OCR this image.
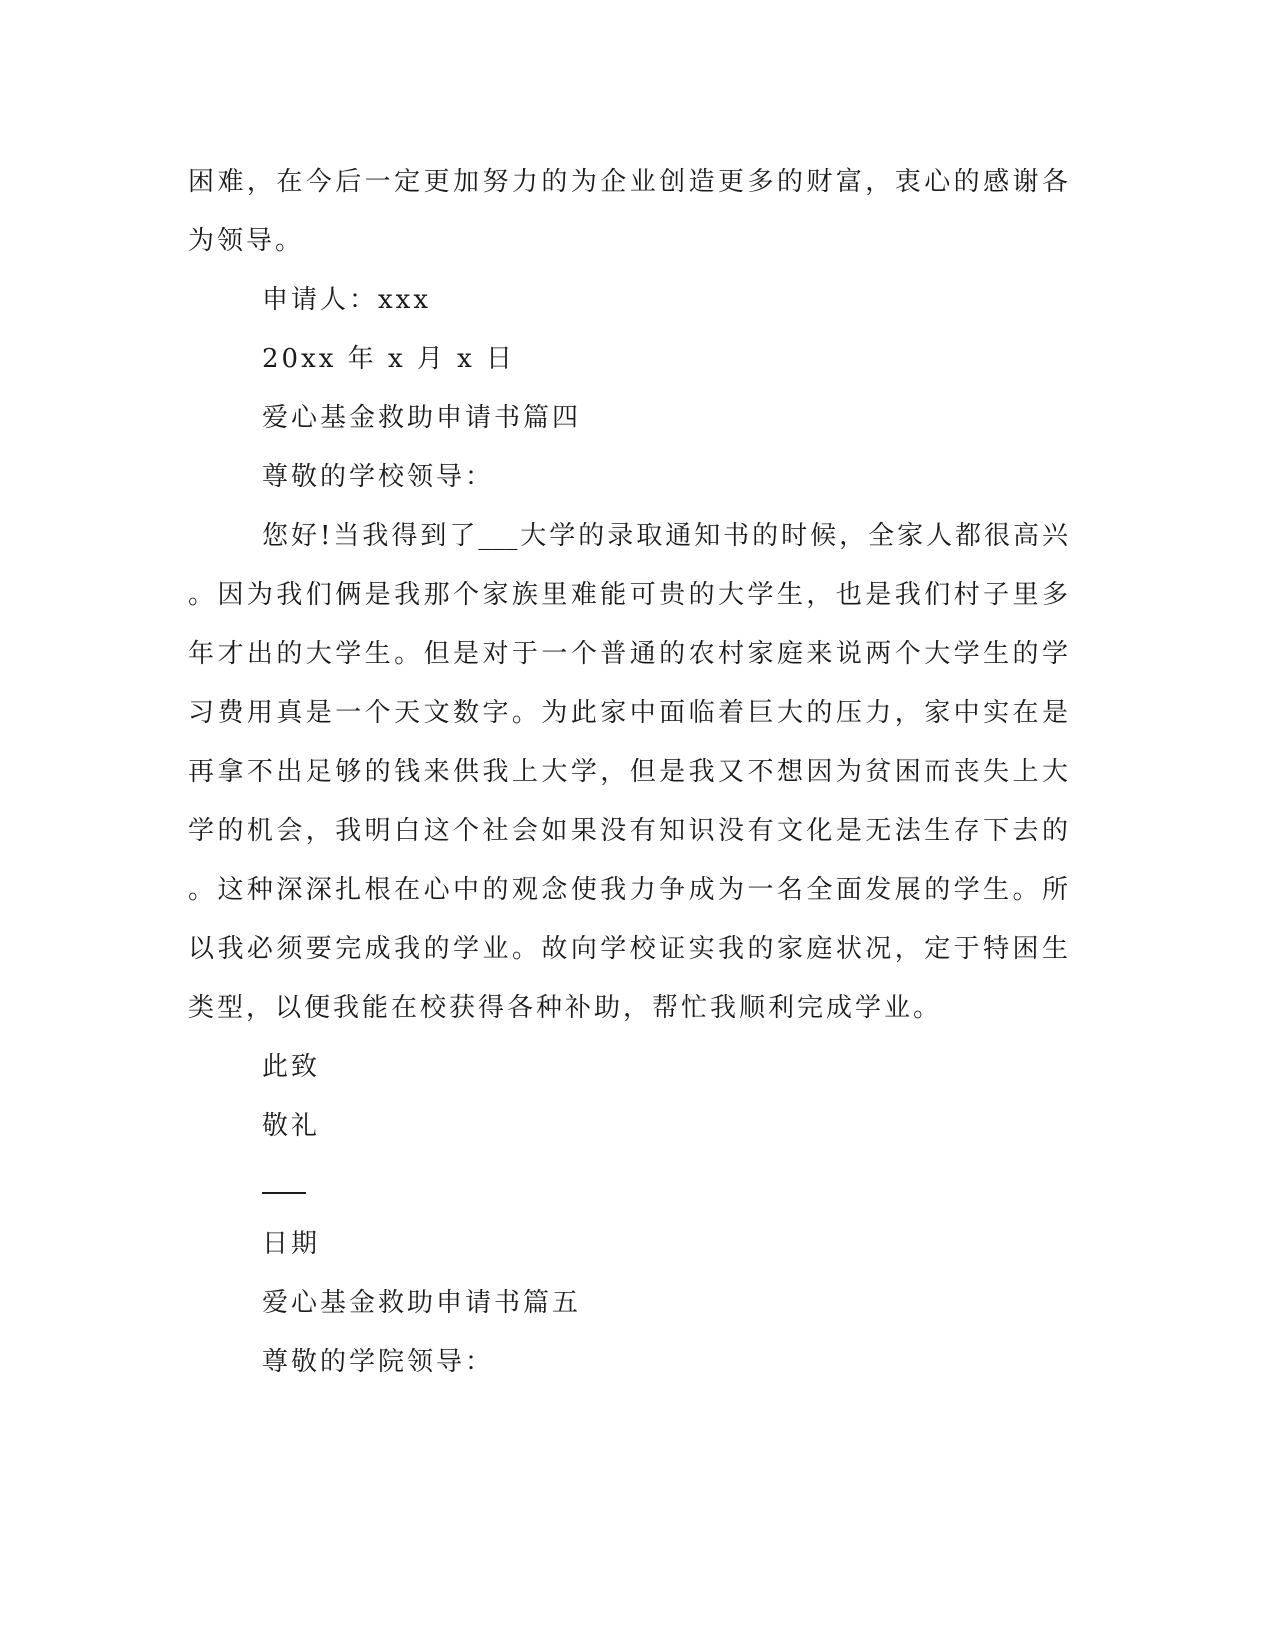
困难，在今后一定更加努力的为企业创造更多的财富，衷心的感谢各
为领导。
申请人：xxx
20xx 年 x 月 x 日
爱心基金救助申请书篇四
尊敬的学校领导：
您好!当我得到了___大学的录取通知书的时候，全家人都很高兴
。因为我们俩是我那个家族里难能可贵的大学生，也是我们村子里多
年才出的大学生。但是对于一个普通的农村家庭来说两个大学生的学
习费用真是一个天文数字。为此家中面临着巨大的压力，家中实在是
再拿不出足够的钱来供我上大学，但是我又不想因为贫困而丧失上大
学的机会，我明白这个社会如果没有知识没有文化是无法生存下去的
。这种深深扎根在心中的观念使我力争成为一名全面发展的学生。所
以我必须要完成我的学业。故向学校证实我的家庭状况，定于特困生
类型，以便我能在校获得各种补助，帮忙我顺利完成学业。
此致
敬礼
日期
爱心基金救助申请书篇五
尊敬的学院领导：
